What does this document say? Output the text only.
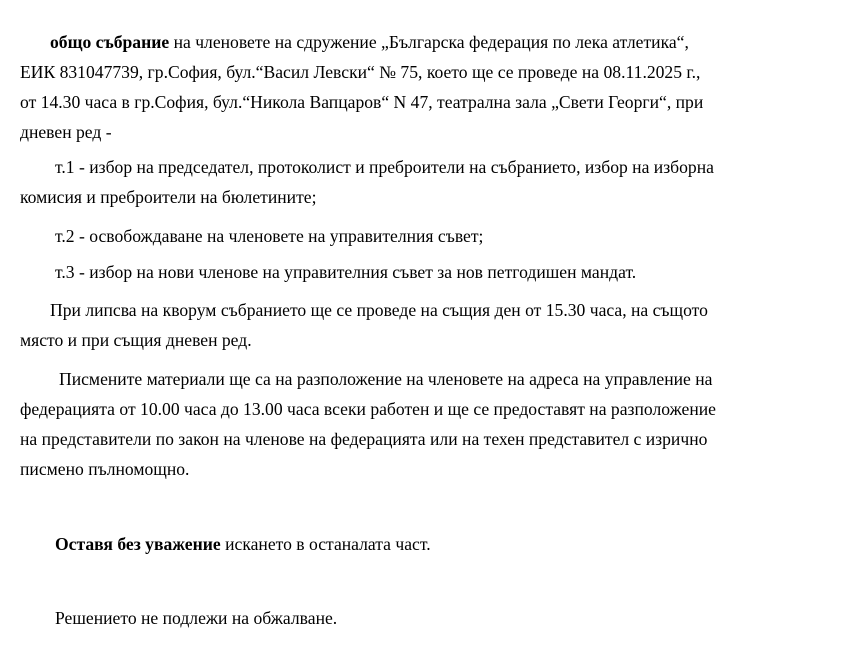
общо събрание на членовете на сдружение „Българска федерация по лека атлетика“,
ЕИК 831047739, гр.София, бул.“Васил Левски“ № 75, което ще се проведе на 08.11.2025 г.,
от 14.30 часа в гр.София, бул.“Никола Вапцаров“ N 47, театрална зала „Свети Георги“, при
дневен ред -

т.1 - избор на председател, протоколист и преброители на събранието, избор на изборна
комисия и преброители на бюлетините;

т.2 - освобождаване на членовете на управителния съвет;

т.3 - избор на нови членове на управителния съвет за нов петгодишен мандат.

При липсва на кворум събранието ще се проведе на същия ден от 15.30 часа, на същото
място и при същия дневен ред.

Писмените материали ще са на разположение на членовете на адреса на управление на
федерацията от 10.00 часа до 13.00 часа всеки работен и ще се предоставят на разположение
на представители по закон на членове на федерацията или на техен представител с изрично
писмено пълномощно.

Оставя без уважение искането в останалата част.

Решението не подлежи на обжалване.
